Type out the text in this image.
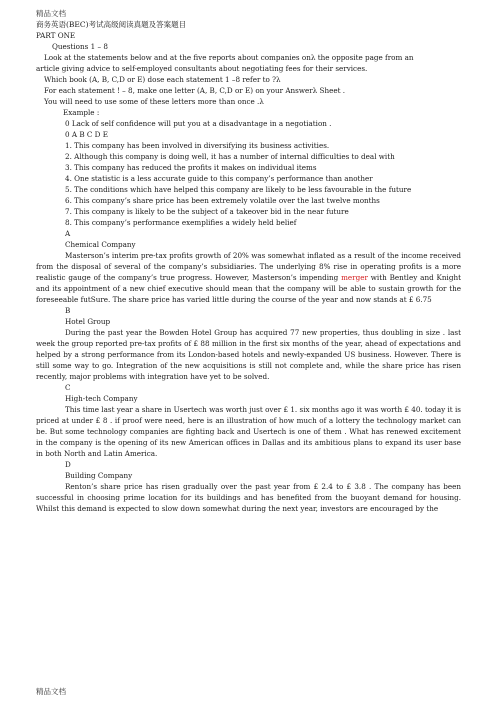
精品文档
商务英语(BEC)考试高级阅读真题及答案题目
PART ONE
Questions 1 – 8
Look at the statements below and at the five reports about companies onλ the opposite page from an
article giving advice to self-employed consultants about negotiating fees for their services.
Which book (A, B, C,D or E) dose each statement 1 –8 refer to ?λ
For each statement ! – 8, make one letter (A, B, C,D or E) on your Answerλ Sheet .
You will need to use some of these letters more than once .λ
Example :
0 Lack of self confidence will put you at a disadvantage in a negotiation .
0 A B C D E
1. This company has been involved in diversifying its business activities.
2. Although this company is doing well, it has a number of internal difficulties to deal with
3. This company has reduced the profits it makes on individual items
4. One statistic is a less accurate guide to this company’s performance than another
5. The conditions which have helped this company are likely to be less favourable in the future
6. This company’s share price has been extremely volatile over the last twelve months
7. This company is likely to be the subject of a takeover bid in the near future
8. This company’s performance exemplifies a widely held belief
A
Chemical Company

Masterson’s interim pre-tax profits growth of 20% was somewhat inflated as a result of the income received from the disposal of several of the company’s subsidiaries. The underlying 8% rise in operating profits is a more realistic gauge of the company’s true progress. However, Masterson’s impending merger with Bentley and Knight and its appointment of a new chief executive should mean that the company will be able to sustain growth for the foreseeable futSure. The share price has varied little during the course of the year and now stands at £ 6.75

B
Hotel Group

During the past year the Bowden Hotel Group has acquired 77 new properties, thus doubling in size . last week the group reported pre-tax profits of £ 88 million in the first six months of the year, ahead of expectations and helped by a strong performance from its London-based hotels and newly-expanded US business. However. There is still some way to go. Integration of the new acquisitions is still not complete and, while the share price has risen recently, major problems with integration have yet to be solved.

C
High-tech Company

This time last year a share in Usertech was worth just over £ 1. six months ago it was worth £ 40. today it is priced at under £ 8 . if proof were need, here is an illustration of how much of a lottery the technology market can be. But some technology companies are fighting back and Usertech is one of them . What has renewed excitement in the company is the opening of its new American offices in Dallas and its ambitious plans to expand its user base in both North and Latin America.

D
Building Company

Renton’s share price has risen gradually over the past year from £ 2.4 to £ 3.8 . The company has been successful in choosing prime location for its buildings and has benefited from the buoyant demand for housing. Whilst this demand is expected to slow down somewhat during the next year, investors are encouraged by the

精品文档
